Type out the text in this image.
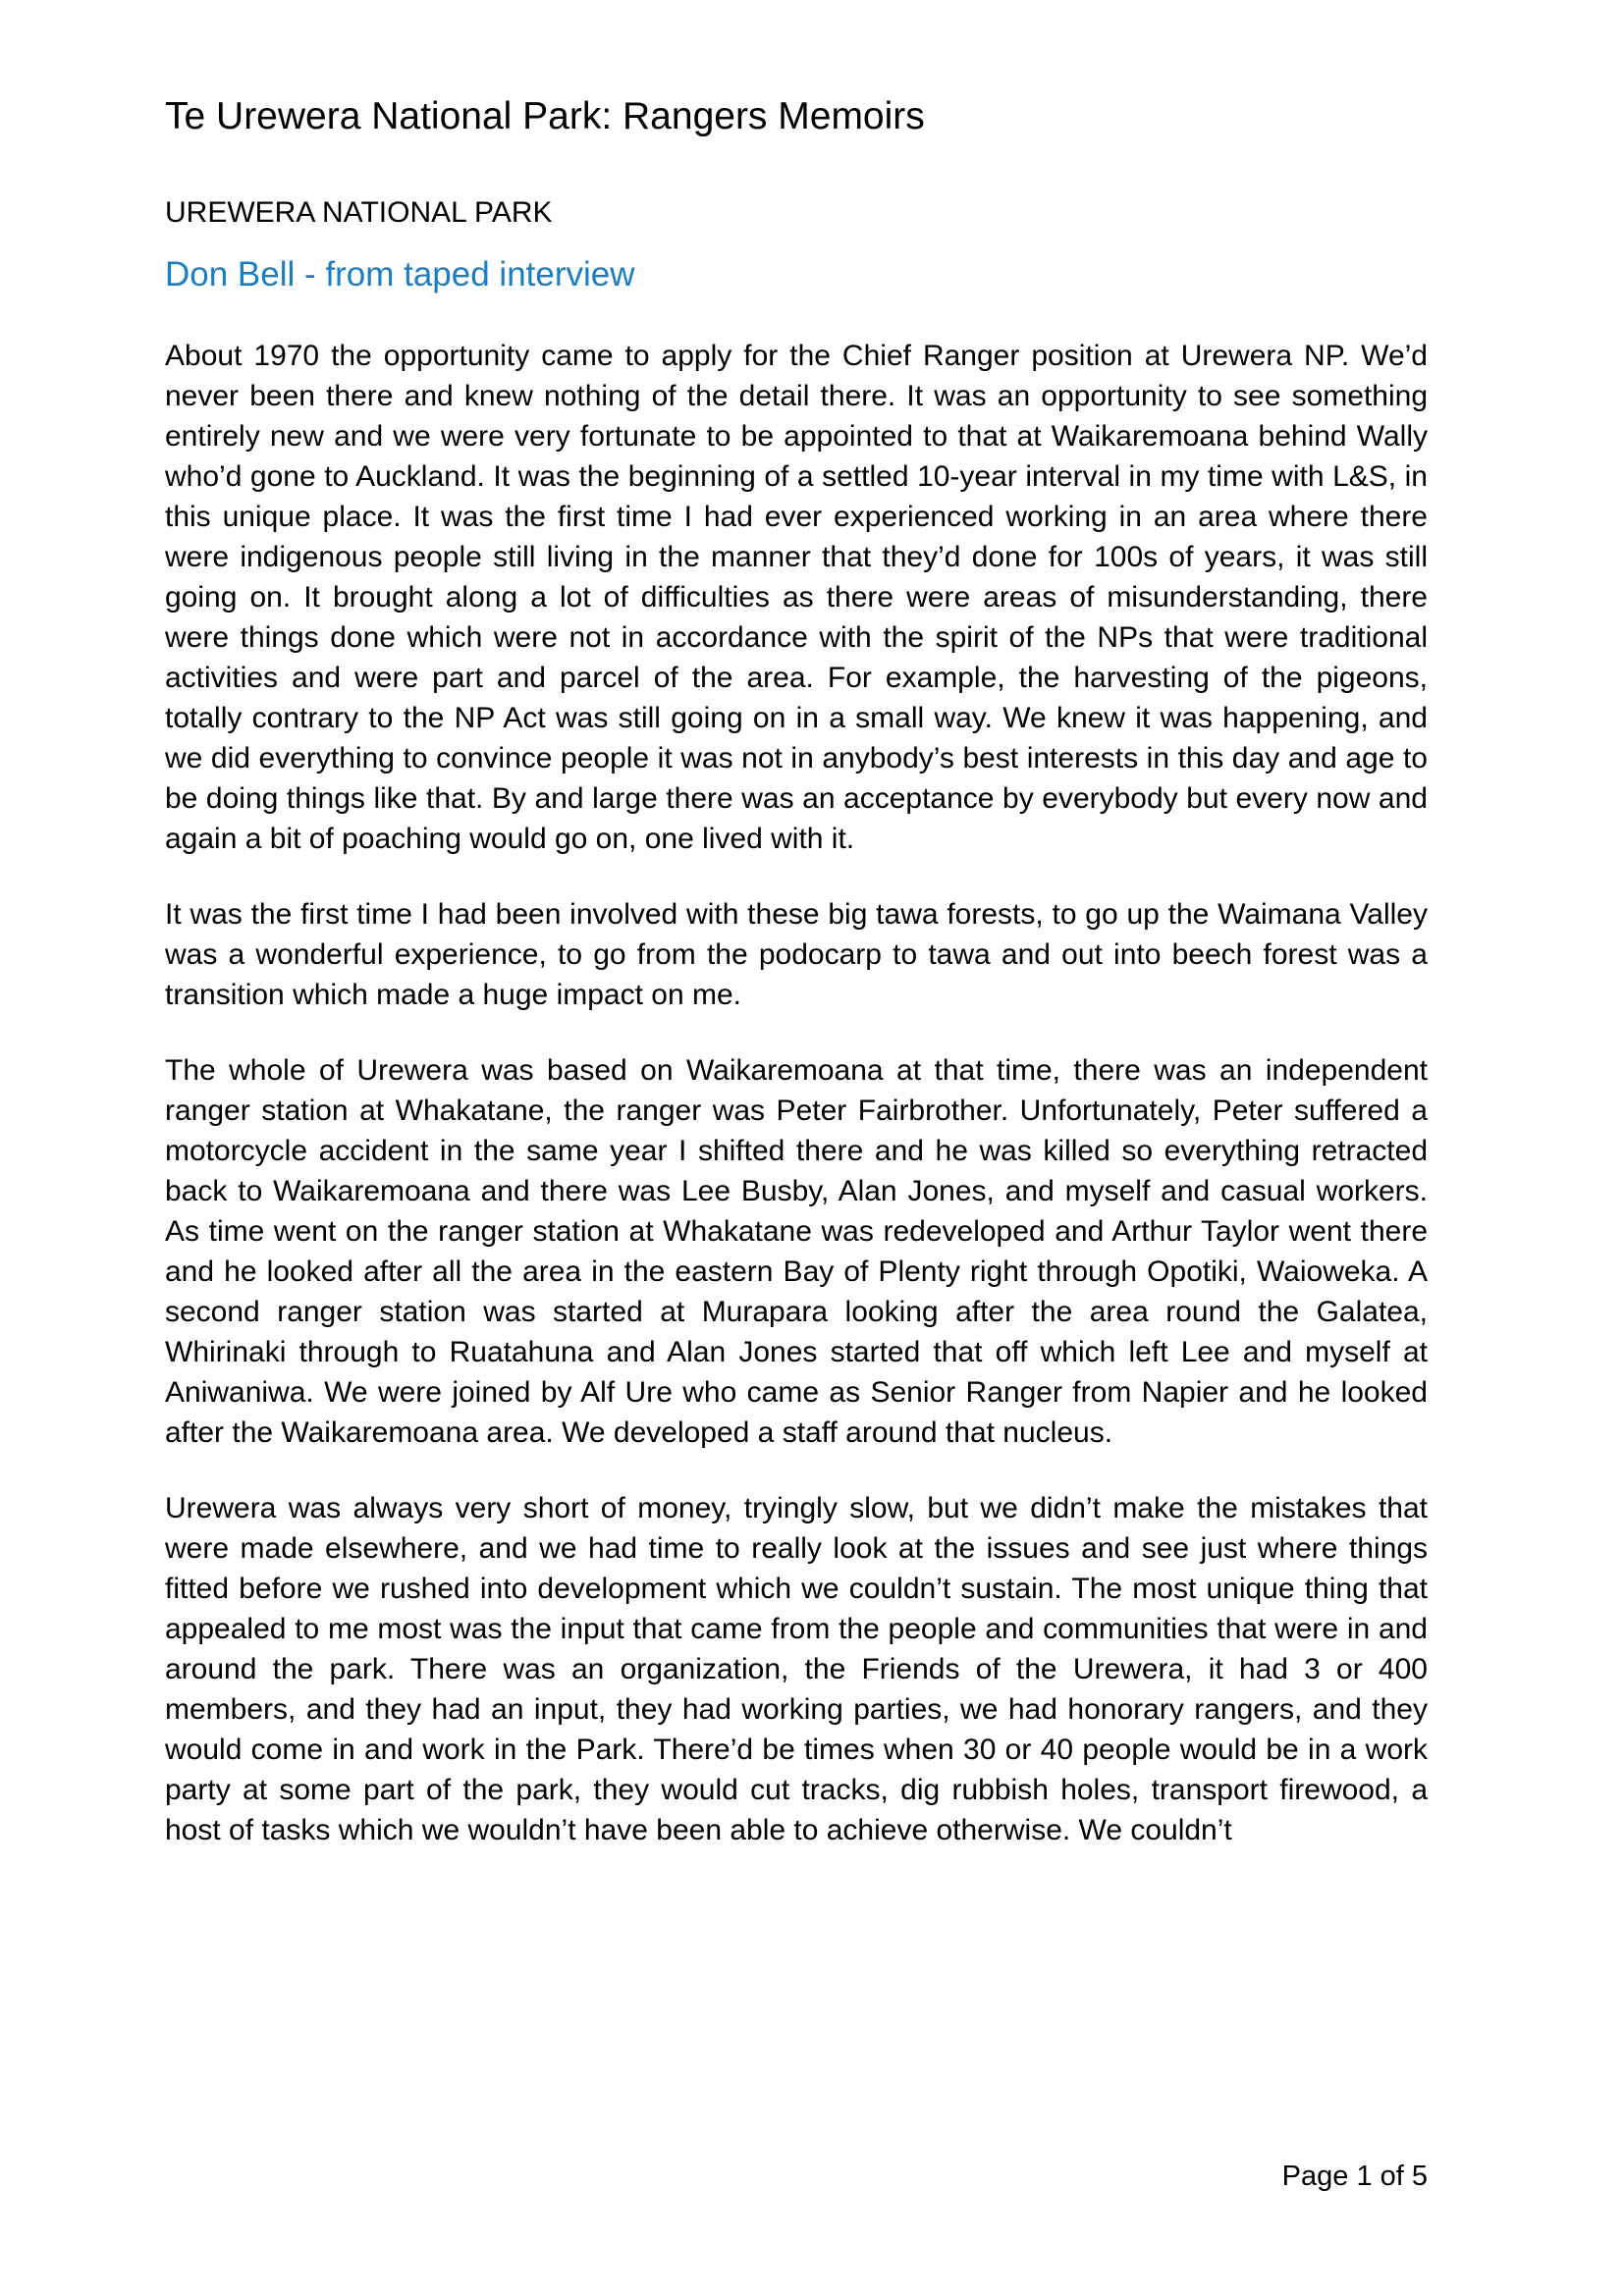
Te Urewera National Park: Rangers Memoirs
UREWERA NATIONAL PARK
Don Bell - from taped interview

About 1970 the opportunity came to apply for the Chief Ranger position at Urewera NP. We’d never been there and knew nothing of the detail there. It was an opportunity to see something entirely new and we were very fortunate to be appointed to that at Waikaremoana behind Wally who’d gone to Auckland. It was the beginning of a settled 10-year interval in my time with L&S, in this unique place. It was the first time I had ever experienced working in an area where there were indigenous people still living in the manner that they’d done for 100s of years, it was still going on. It brought along a lot of difficulties as there were areas of misunderstanding, there were things done which were not in accordance with the spirit of the NPs that were traditional activities and were part and parcel of the area. For example, the harvesting of the pigeons, totally contrary to the NP Act was still going on in a small way. We knew it was happening, and we did everything to convince people it was not in anybody’s best interests in this day and age to be doing things like that. By and large there was an acceptance by everybody but every now and again a bit of poaching would go on, one lived with it.

It was the first time I had been involved with these big tawa forests, to go up the Waimana Valley was a wonderful experience, to go from the podocarp to tawa and out into beech forest was a transition which made a huge impact on me.

The whole of Urewera was based on Waikaremoana at that time, there was an independent ranger station at Whakatane, the ranger was Peter Fairbrother. Unfortunately, Peter suffered a motorcycle accident in the same year I shifted there and he was killed so everything retracted back to Waikaremoana and there was Lee Busby, Alan Jones, and myself and casual workers. As time went on the ranger station at Whakatane was redeveloped and Arthur Taylor went there and he looked after all the area in the eastern Bay of Plenty right through Opotiki, Waioweka. A second ranger station was started at Murapara looking after the area round the Galatea, Whirinaki through to Ruatahuna and Alan Jones started that off which left Lee and myself at Aniwaniwa. We were joined by Alf Ure who came as Senior Ranger from Napier and he looked after the Waikaremoana area. We developed a staff around that nucleus.

Urewera was always very short of money, tryingly slow, but we didn’t make the mistakes that were made elsewhere, and we had time to really look at the issues and see just where things fitted before we rushed into development which we couldn’t sustain. The most unique thing that appealed to me most was the input that came from the people and communities that were in and around the park. There was an organization, the Friends of the Urewera, it had 3 or 400 members, and they had an input, they had working parties, we had honorary rangers, and they would come in and work in the Park. There’d be times when 30 or 40 people would be in a work party at some part of the park, they would cut tracks, dig rubbish holes, transport firewood, a host of tasks which we wouldn’t have been able to achieve otherwise. We couldn’t

Page 1 of 5
